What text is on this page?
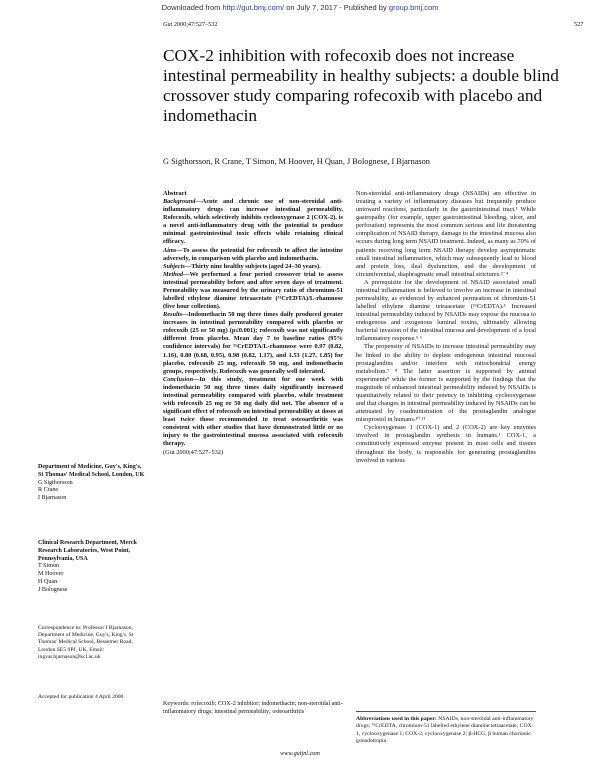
Downloaded from http://gut.bmj.com/ on July 7, 2017 - Published by group.bmj.com
Gut 2000;47:527–532	527
COX-2 inhibition with rofecoxib does not increase intestinal permeability in healthy subjects: a double blind crossover study comparing rofecoxib with placebo and indomethacin
G Sigthorsson, R Crane, T Simon, M Hoover, H Quan, J Bolognese, I Bjarnason

Abstract

Background—Acute and chronic use of non-steroidal anti-inflammatory drugs can increase intestinal permeability. Rofecoxib, which selectively inhibits cyclooxygenase 2 (COX-2), is a novel anti-inflammatory drug with the potential to produce minimal gastrointestinal toxic effects while retaining clinical efficacy.

Aims—To assess the potential for rofecoxib to affect the intestine adversely, in comparison with placebo and indomethacin.

Subjects—Thirty nine healthy subjects (aged 24–30 years).

Method—We performed a four period crossover trial to assess intestinal permeability before and after seven days of treatment. Permeability was measured by the urinary ratio of chromium-51 labelled ethylene diamine tetraacetate (⁵¹CrEDTA)/L-rhamnose (five hour collection).

Results—Indomethacin 50 mg three times daily produced greater increases in intestinal permeability compared with placebo or rofecoxib (25 or 50 mg) (p≤0.001); rofecoxib was not significantly different from placebo. Mean day 7 to baseline ratios (95% confidence intervals) for ⁵¹CrEDTA/L-rhamnose were 0.97 (0.82, 1.16), 0.80 (0.68, 0.95), 0.98 (0.82, 1.17), and 1.53 (1.27, 1.85) for placebo, rofecoxib 25 mg, rofecoxib 50 mg, and indomethacin groups, respectively. Rofecoxib was generally well tolerated.

Conclusion—In this study, treatment for one week with indomethacin 50 mg three times daily significantly increased intestinal permeability compared with placebo, while treatment with rofecoxib 25 mg or 50 mg daily did not. The absence of a significant effect of rofecoxib on intestinal permeability at doses at least twice those recommended to treat osteoarthritis was consistent with other studies that have demonstrated little or no injury to the gastrointestinal mucosa associated with rofecoxib therapy.

(Gut 2000;47:527–532)

Keywords: rofecoxib; COX-2 inhibitor; indomethacin; non-steroidal anti-inflammatory drugs; intestinal permeability; osteoarthritis

Non-steroidal anti-inflammatory drugs (NSAIDs) are effective in treating a variety of inflammatory diseases but frequently produce untoward reactions, particularly in the gastrointestinal tract.¹ While gastropathy (for example, upper gastrointestinal bleeding, ulcer, and perforation) represents the most common serious and life threatening complication of NSAID therapy, damage to the intestinal mucosa also occurs during long term NSAID treatment. Indeed, as many as 70% of patients receiving long term NSAID therapy develop asymptomatic small intestinal inflammation, which may subsequently lead to blood and protein loss, ileal dysfunction, and the development of circumferential, diaphragmatic small intestinal strictures.²⁻⁴

A prerequisite for the development of NSAID associated small intestinal inflammation is believed to involve an increase in intestinal permeability, as evidenced by enhanced permeation of chromium-51 labelled ethylene diamine tetraacetate (⁵¹CrEDTA).⁵ Increased intestinal permeability induced by NSAIDs may expose the mucosa to endogenous and exogenous luminal toxins, ultimately allowing bacterial invasion of the intestinal mucosa and development of a local inflammatory response.⁵ ⁶

The propensity of NSAIDs to increase intestinal permeability may be linked to the ability to deplete endogenous intestinal mucosal prostaglandins and/or interfere with mitochondrial energy metabolism.⁷ ⁸ The latter assertion is supported by animal experiments⁹ while the former is supported by the findings that the magnitude of enhanced intestinal permeability induced by NSAIDs is quantitatively related to their potency in inhibiting cyclooxygenase and that changes in intestinal permeability induced by NSAIDs can be attenuated by coadministration of the prostaglandin analogue misoprostol in humans.¹⁰ ¹¹

Cyclooxygenase 1 (COX-1) and 2 (COX-2) are key enzymes involved in prostaglandin synthesis in humans.¹ COX-1, a constitutively expressed enzyme present in most cells and tissues throughout the body, is responsible for generating prostaglandins involved in various

Department of Medicine, Guy's, King's, St Thomas' Medical School, London, UK
G Sigthorsson
R Crane
I Bjarnason
Clinical Research Department, Merck Research Laboratories, West Point, Pennsylvania, USA
T Simon
M Hoover
H Quan
J Bolognese
Correspondence to: Professor I Bjarnason, Department of Medicine, Guy's, King's, St Thomas' Medical School, Bessemer Road, London SE5 9PJ, UK. Email: ingvar.bjarnason@kcl.ac.uk
Accepted for publication 4 April 2000
Abbreviations used in this paper: NSAIDs, non-steroidal anti-inflammatory drugs; ⁵¹CrEDTA, chromium-51 labelled ethylene diamine tetraacetate; COX-1, cyclooxygenase 1; COX-2, cyclooxygenase 2; β-HCG, β human chorionic gonadotropin.
www.gutjnl.com
